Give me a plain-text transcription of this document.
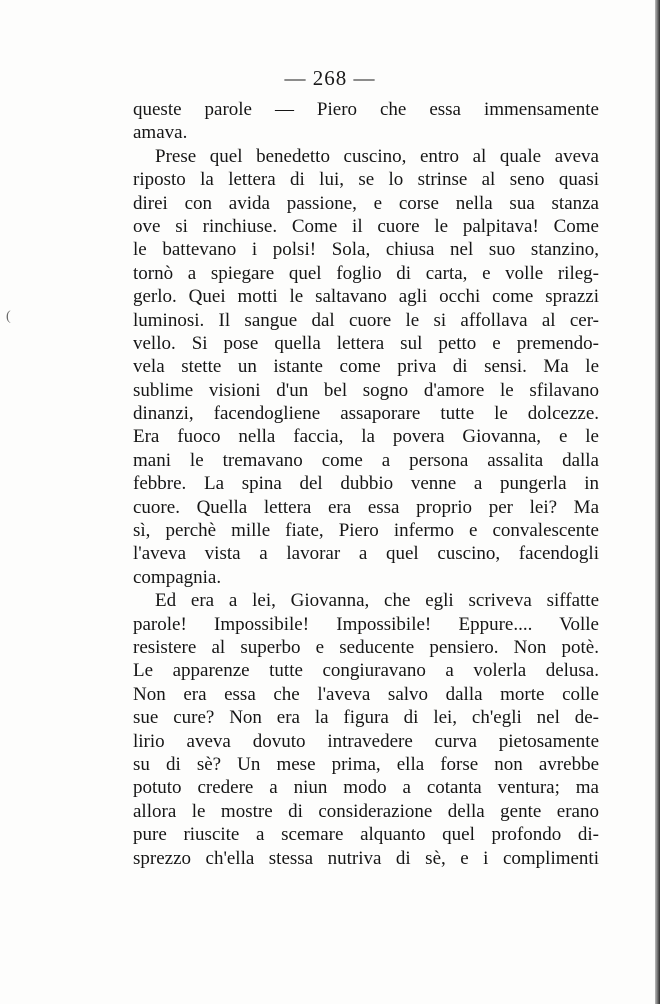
— 268 —
(
queste parole — Piero che essa immensamente
amava.
Prese quel benedetto cuscino, entro al quale aveva
riposto la lettera di lui, se lo strinse al seno quasi
direi con avida passione, e corse nella sua stanza
ove si rinchiuse. Come il cuore le palpitava! Come
le battevano i polsi! Sola, chiusa nel suo stanzino,
tornò a spiegare quel foglio di carta, e volle rileg-
gerlo. Quei motti le saltavano agli occhi come sprazzi
luminosi. Il sangue dal cuore le si affollava al cer-
vello. Si pose quella lettera sul petto e premendo-
vela stette un istante come priva di sensi. Ma le
sublime visioni d'un bel sogno d'amore le sfilavano
dinanzi, facendogliene assaporare tutte le dolcezze.
Era fuoco nella faccia, la povera Giovanna, e le
mani le tremavano come a persona assalita dalla
febbre. La spina del dubbio venne a pungerla in
cuore. Quella lettera era essa proprio per lei? Ma
sì, perchè mille fiate, Piero infermo e convalescente
l'aveva vista a lavorar a quel cuscino, facendogli
compagnia.
Ed era a lei, Giovanna, che egli scriveva siffatte
parole! Impossibile! Impossibile! Eppure.... Volle
resistere al superbo e seducente pensiero. Non potè.
Le apparenze tutte congiuravano a volerla delusa.
Non era essa che l'aveva salvo dalla morte colle
sue cure? Non era la figura di lei, ch'egli nel de-
lirio aveva dovuto intravedere curva pietosamente
su di sè? Un mese prima, ella forse non avrebbe
potuto credere a niun modo a cotanta ventura; ma
allora le mostre di considerazione della gente erano
pure riuscite a scemare alquanto quel profondo di-
sprezzo ch'ella stessa nutriva di sè, e i complimenti
